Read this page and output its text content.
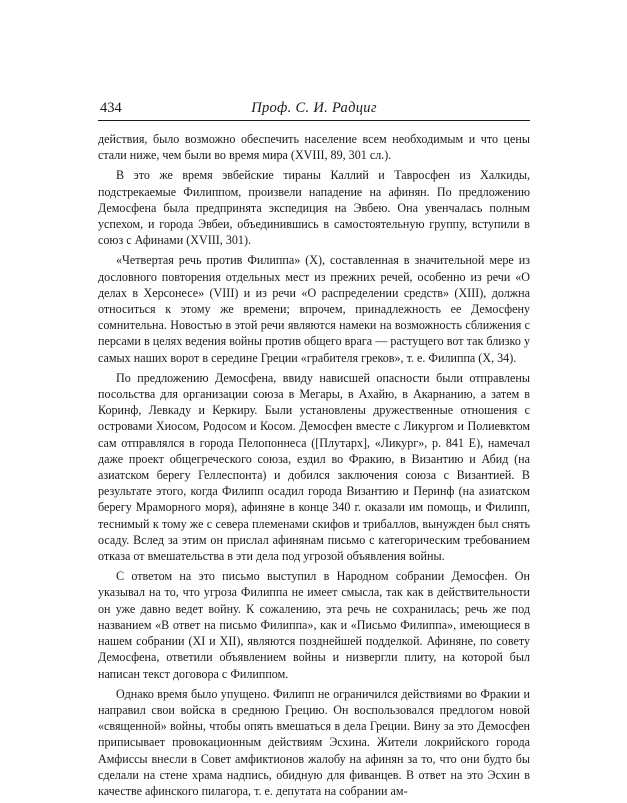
434	Проф. С. И. Радциг

действия, было возможно обеспечить население всем необходимым и что цены стали ниже, чем были во время мира (XVIII, 89, 301 сл.).

В это же время эвбейские тираны Каллий и Тавросфен из Халкиды, подстрекаемые Филиппом, произвели нападение на афинян. По предложению Демосфена была предпринята экспедиция на Эвбею. Она увенчалась полным успехом, и города Эвбеи, объединившись в самостоятельную группу, вступили в союз с Афинами (XVIII, 301).

«Четвертая речь против Филиппа» (X), составленная в значительной мере из дословного повторения отдельных мест из прежних речей, особенно из речи «О делах в Херсонесе» (VIII) и из речи «О распределении средств» (XIII), должна относиться к этому же времени; впрочем, принадлежность ее Демосфену сомнительна. Новостью в этой речи являются намеки на возможность сближения с персами в целях ведения войны против общего врага — растущего вот так близко у самых наших ворот в середине Греции «грабителя греков», т. е. Филиппа (X, 34).

По предложению Демосфена, ввиду нависшей опасности были отправлены посольства для организации союза в Мегары, в Ахайю, в Акарнанию, а затем в Коринф, Левкаду и Керкиру. Были установлены дружественные отношения с островами Хиосом, Родосом и Косом. Демосфен вместе с Ликургом и Полиевктом сам отправлялся в города Пелопоннеса ([Плутарх], «Ликург», р. 841 E), намечал даже проект общегреческого союза, ездил во Фракию, в Византию и Абид (на азиатском берегу Геллеспонта) и добился заключения союза с Византией. В результате этого, когда Филипп осадил города Византию и Перинф (на азиатском берегу Мраморного моря), афиняне в конце 340 г. оказали им помощь, и Филипп, теснимый к тому же с севера племенами скифов и трибаллов, вынужден был снять осаду. Вслед за этим он прислал афинянам письмо с категорическим требованием отказа от вмешательства в эти дела под угрозой объявления войны.

С ответом на это письмо выступил в Народном собрании Демосфен. Он указывал на то, что угроза Филиппа не имеет смысла, так как в действительности он уже давно ведет войну. К сожалению, эта речь не сохранилась; речь же под названием «В ответ на письмо Филиппа», как и «Письмо Филиппа», имеющиеся в нашем собрании (XI и XII), являются позднейшей подделкой. Афиняне, по совету Демосфена, ответили объявлением войны и низвергли плиту, на которой был написан текст договора с Филиппом.

Однако время было упущено. Филипп не ограничился действиями во Фракии и направил свои войска в среднюю Грецию. Он воспользовался предлогом новой «священной» войны, чтобы опять вмешаться в дела Греции. Вину за это Демосфен приписывает провокационным действиям Эсхина. Жители локрийского города Амфиссы внесли в Совет амфиктионов жалобу на афинян за то, что они будто бы сделали на стене храма надпись, обидную для фиванцев. В ответ на это Эсхин в качестве афинского пилагора, т. е. депутата на собрании ам-
